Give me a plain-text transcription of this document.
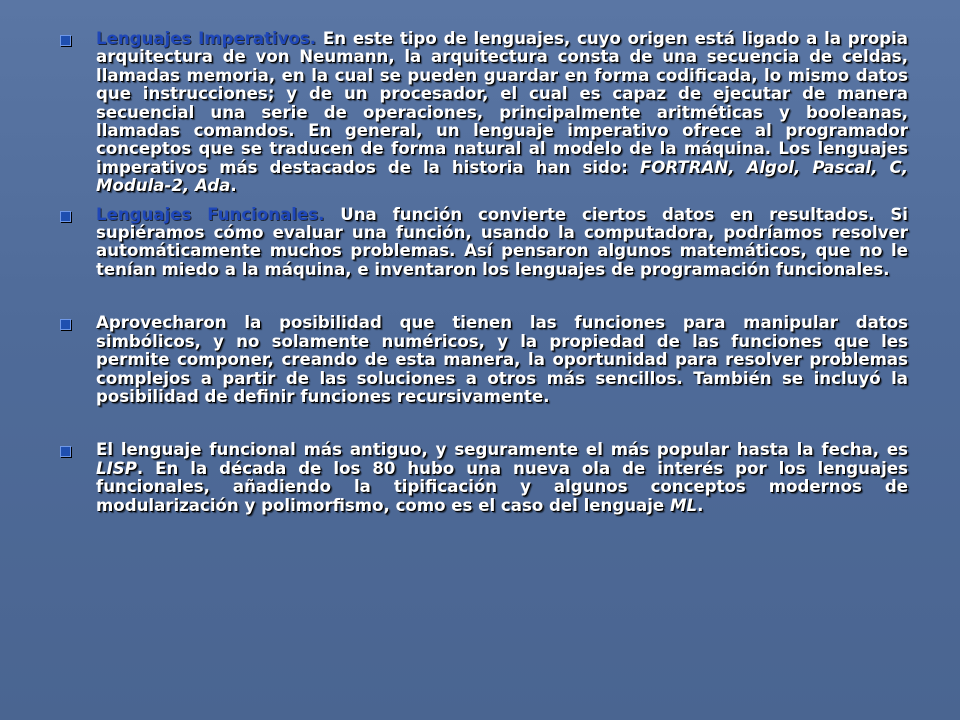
Lenguajes Imperativos. En este tipo de lenguajes, cuyo origen está ligado a la propia arquitectura de von Neumann, la arquitectura consta de una secuencia de celdas, llamadas memoria, en la cual se pueden guardar en forma codificada, lo mismo datos que instrucciones; y de un procesador, el cual es capaz de ejecutar de manera secuencial una serie de operaciones, principalmente aritméticas y booleanas, llamadas comandos. En general, un lenguaje imperativo ofrece al programador conceptos que se traducen de forma natural al modelo de la máquina. Los lenguajes imperativos más destacados de la historia han sido: FORTRAN, Algol, Pascal, C, Modula-2, Ada.
Lenguajes Funcionales. Una función convierte ciertos datos en resultados. Si supiéramos cómo evaluar una función, usando la computadora, podríamos resolver automáticamente muchos problemas. Así pensaron algunos matemáticos, que no le tenían miedo a la máquina, e inventaron los lenguajes de programación funcionales.
Aprovecharon la posibilidad que tienen las funciones para manipular datos simbólicos, y no solamente numéricos, y la propiedad de las funciones que les permite componer, creando de esta manera, la oportunidad para resolver problemas complejos a partir de las soluciones a otros más sencillos. También se incluyó la posibilidad de definir funciones recursivamente.
El lenguaje funcional más antiguo, y seguramente el más popular hasta la fecha, es LISP. En la década de los 80 hubo una nueva ola de interés por los lenguajes funcionales, añadiendo la tipificación y algunos conceptos modernos de modularización y polimorfismo, como es el caso del lenguaje ML.
